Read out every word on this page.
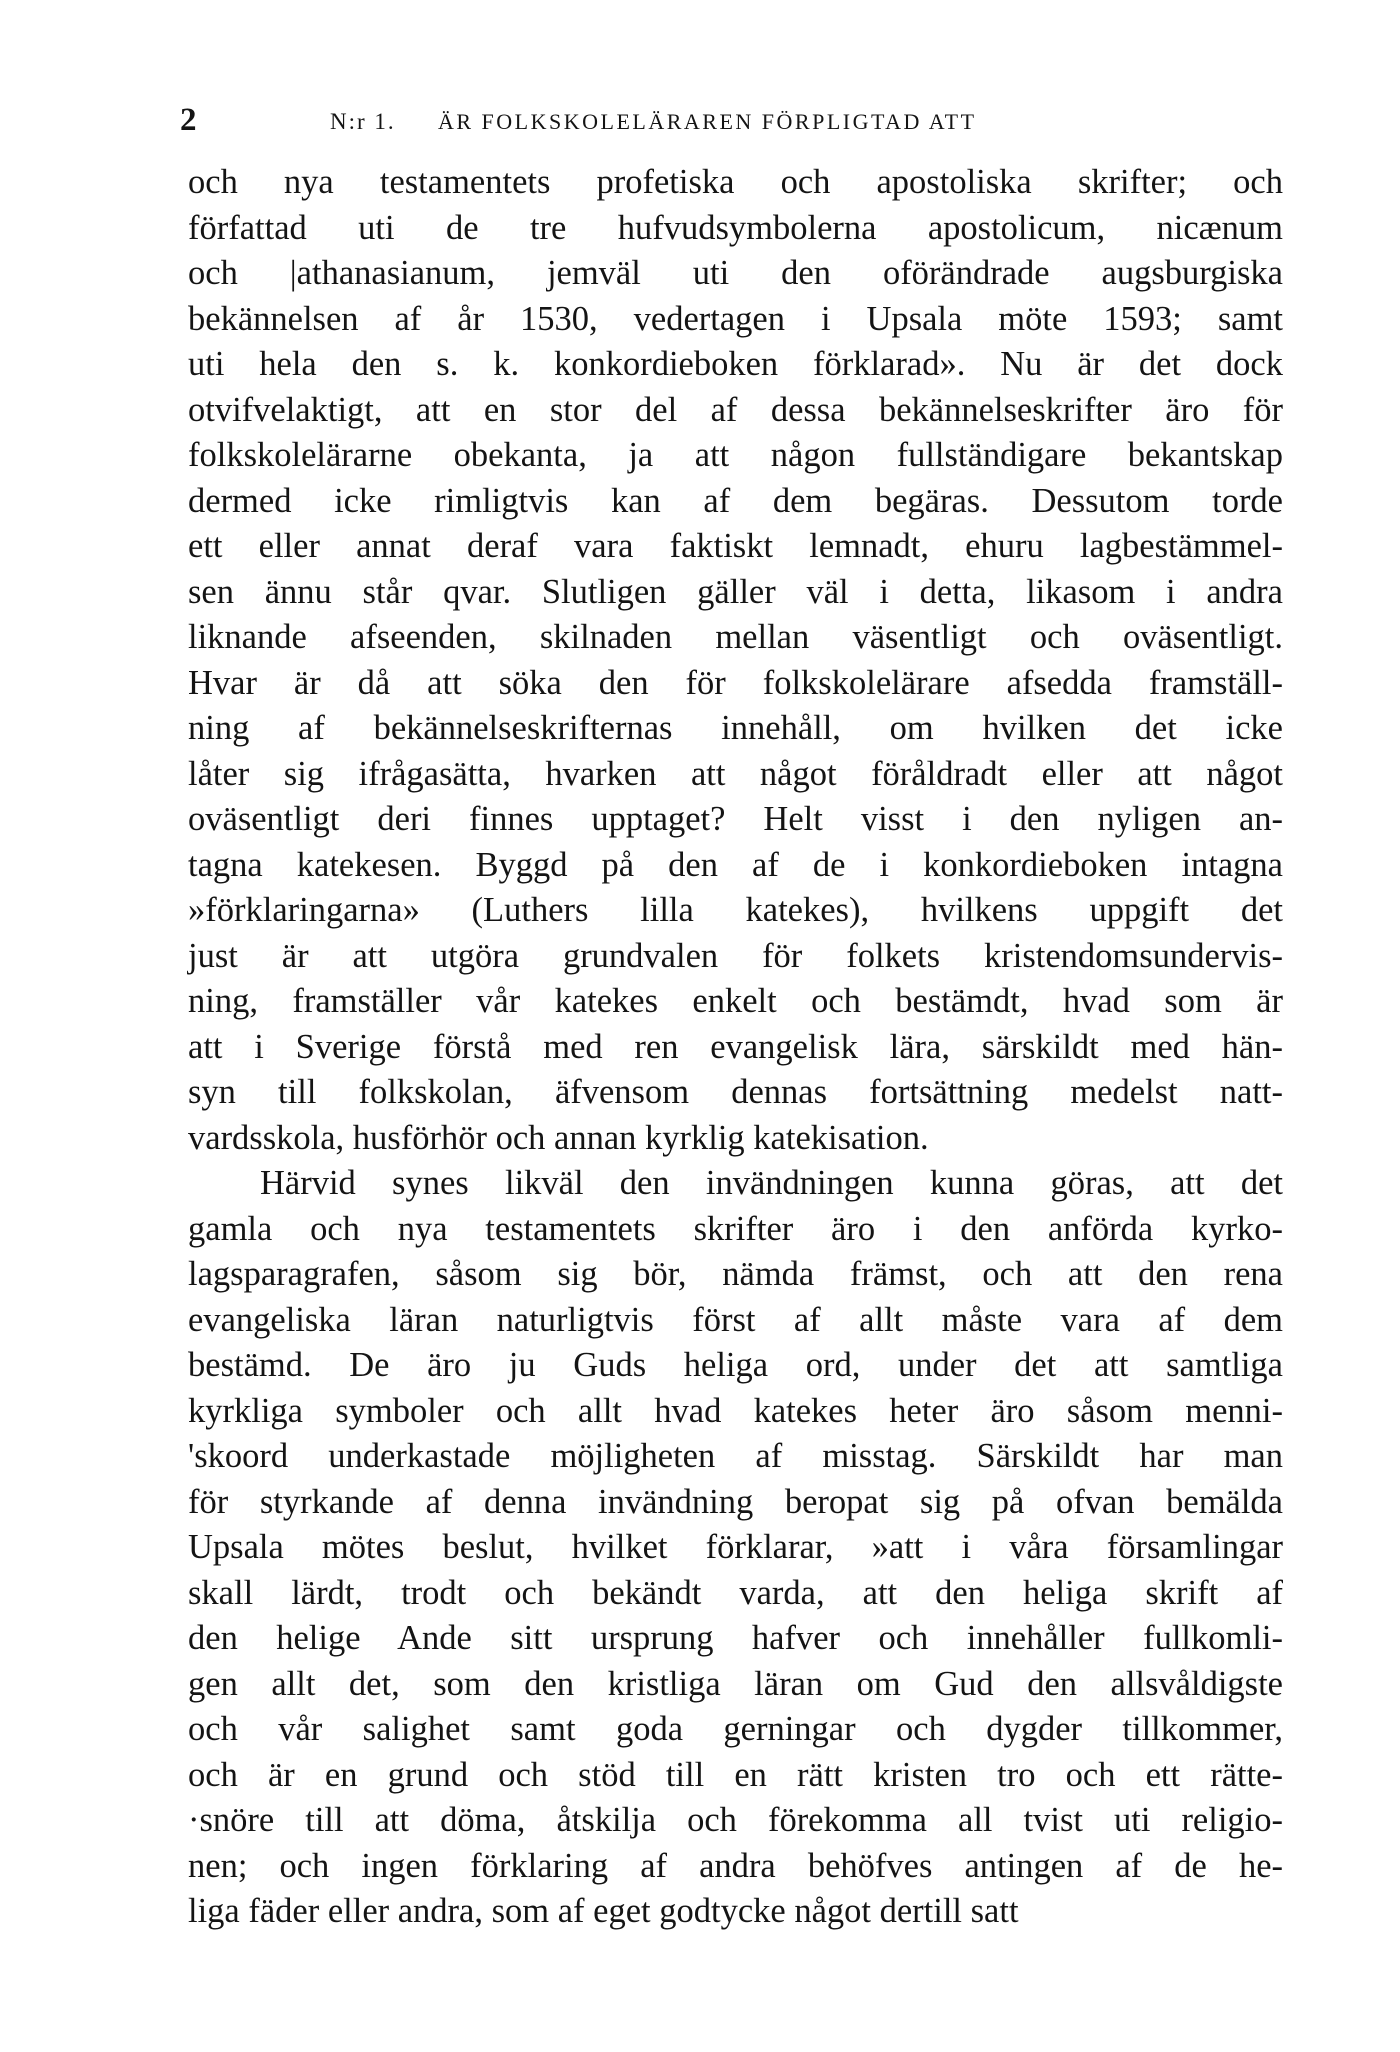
2	N:r 1. ÄR FOLKSKOLELÄRAREN FÖRPLIGTAD ATT
och nya testamentets profetiska och apostoliska skrifter; och
författad uti de tre hufvudsymbolerna apostolicum, nicænum
och |athanasianum, jemväl uti den oförändrade augsburgiska
bekännelsen af år 1530, vedertagen i Upsala möte 1593; samt
uti hela den s. k. konkordieboken förklarad». Nu är det dock
otvifvelaktigt, att en stor del af dessa bekännelseskrifter äro för
folkskolelärarne obekanta, ja att någon fullständigare bekantskap
dermed icke rimligtvis kan af dem begäras. Dessutom torde
ett eller annat deraf vara faktiskt lemnadt, ehuru lagbestämmel-
sen ännu står qvar. Slutligen gäller väl i detta, likasom i andra
liknande afseenden, skilnaden mellan väsentligt och oväsentligt.
Hvar är då att söka den för folkskolelärare afsedda framställ-
ning af bekännelseskrifternas innehåll, om hvilken det icke
låter sig ifrågasätta, hvarken att något föråldradt eller att något
oväsentligt deri finnes upptaget? Helt visst i den nyligen an-
tagna katekesen. Byggd på den af de i konkordieboken intagna
»förklaringarna» (Luthers lilla katekes), hvilkens uppgift det
just är att utgöra grundvalen för folkets kristendomsundervis-
ning, framställer vår katekes enkelt och bestämdt, hvad som är
att i Sverige förstå med ren evangelisk lära, särskildt med hän-
syn till folkskolan, äfvensom dennas fortsättning medelst natt-
vardsskola, husförhör och annan kyrklig katekisation.
Härvid synes likväl den invändningen kunna göras, att det
gamla och nya testamentets skrifter äro i den anförda kyrko-
lagsparagrafen, såsom sig bör, nämda främst, och att den rena
evangeliska läran naturligtvis först af allt måste vara af dem
bestämd. De äro ju Guds heliga ord, under det att samtliga
kyrkliga symboler och allt hvad katekes heter äro såsom menni-
'skoord underkastade möjligheten af misstag. Särskildt har man
för styrkande af denna invändning beropat sig på ofvan bemälda
Upsala mötes beslut, hvilket förklarar, »att i våra församlingar
skall lärdt, trodt och bekändt varda, att den heliga skrift af
den helige Ande sitt ursprung hafver och innehåller fullkomli-
gen allt det, som den kristliga läran om Gud den allsvåldigste
och vår salighet samt goda gerningar och dygder tillkommer,
och är en grund och stöd till en rätt kristen tro och ett rätte-
·snöre till att döma, åtskilja och förekomma all tvist uti religio-
nen; och ingen förklaring af andra behöfves antingen af de he-
liga fäder eller andra, som af eget godtycke något dertill satt
